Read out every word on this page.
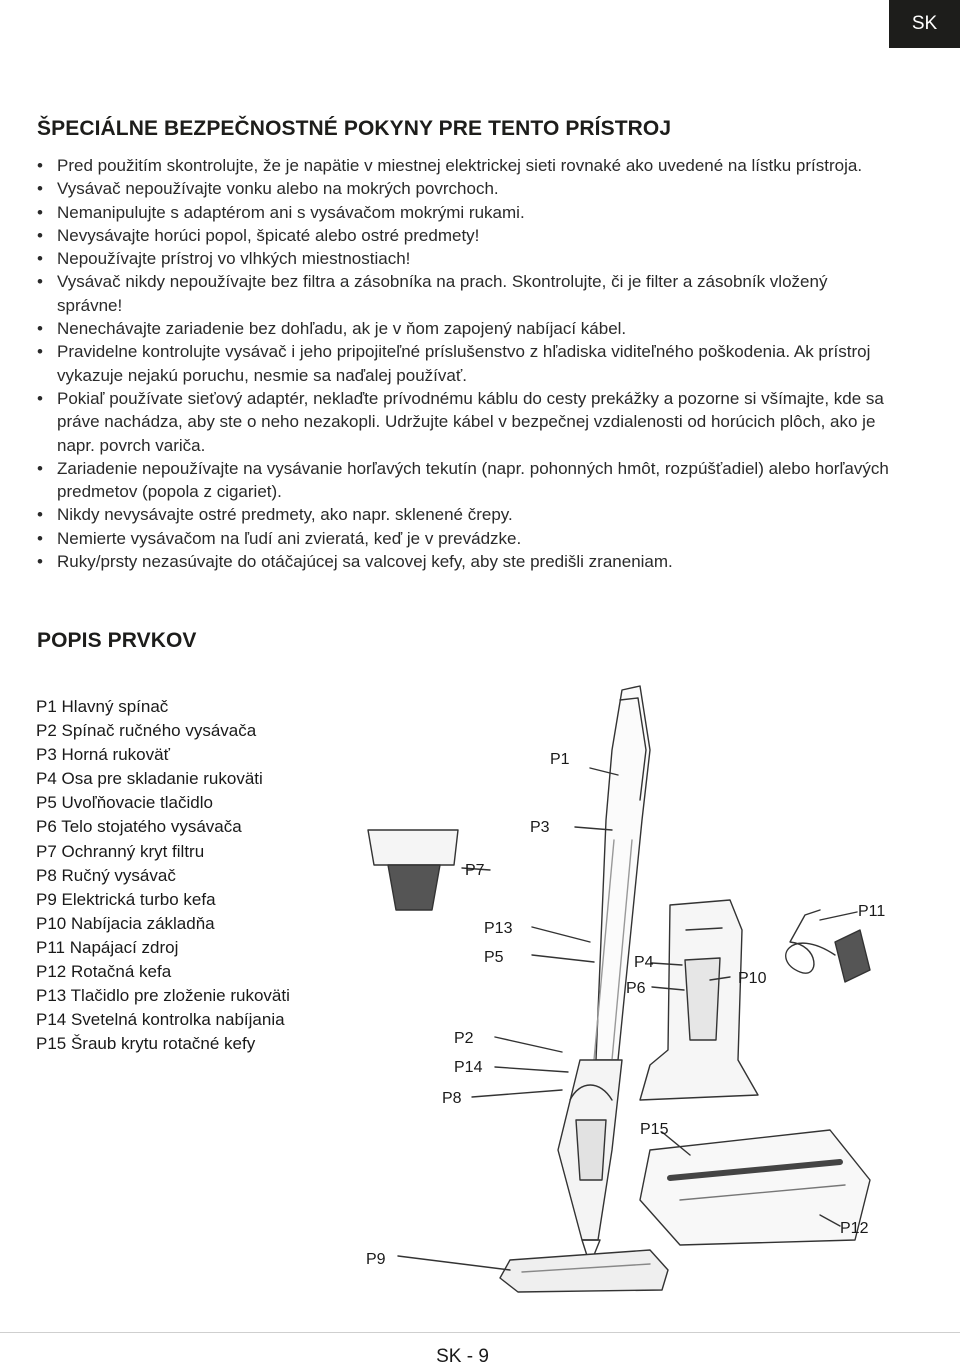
SK
ŠPECIÁLNE BEZPEČNOSTNÉ POKYNY PRE TENTO PRÍSTROJ
• Pred použitím skontrolujte, že je napätie v miestnej elektrickej sieti rovnaké ako uvedené na lístku prístroja.
• Vysávač nepoužívajte vonku alebo na mokrých povrchoch.
• Nemanipulujte s adaptérom ani s vysávačom mokrými rukami.
• Nevysávajte horúci popol, špicaté alebo ostré predmety!
• Nepoužívajte prístroj vo vlhkých miestnostiach!
• Vysávač nikdy nepoužívajte bez filtra a zásobníka na prach. Skontrolujte, či je filter a zásobník vložený správne!
• Nenechávajte zariadenie bez dohľadu, ak je v ňom zapojený nabíjací kábel.
• Pravidelne kontrolujte vysávač i jeho pripojiteľné príslušenstvo z hľadiska viditeľného poškodenia. Ak prístroj vykazuje nejakú poruchu, nesmie sa naďalej používať.
• Pokiaľ používate sieťový adaptér, neklaďte prívodnému káblu do cesty prekážky a pozorne si všímajte, kde sa práve nachádza, aby ste o neho nezakopli. Udržujte kábel v bezpečnej vzdialenosti od horúcich plôch, ako je napr. povrch variča.
• Zariadenie nepoužívajte na vysávanie horľavých tekutín (napr. pohonných hmôt, rozpúšťadiel) alebo horľavých predmetov (popola z cigariet).
• Nikdy nevysávajte ostré predmety, ako napr. sklenené črepy.
• Nemierte vysávačom na ľudí ani zvieratá, keď je v prevádzke.
• Ruky/prsty nezasúvajte do otáčajúcej sa valcovej kefy, aby ste predišli zraneniam.
POPIS PRVKOV
P1 Hlavný spínač
P2 Spínač ručného vysávača
P3 Horná rukoväť
P4 Osa pre skladanie rukoväti
P5 Uvoľňovacie tlačidlo
P6 Telo stojatého vysávača
P7 Ochranný kryt filtru
P8 Ručný vysávač
P9 Elektrická turbo kefa
P10 Nabíjacia základňa
P11 Napájací zdroj
P12 Rotačná kefa
P13 Tlačidlo pre zloženie rukoväti
P14 Svetelná kontrolka nabíjania
P15 Šraub krytu rotačné kefy
P1
P3
P7
P11
P13
P5	P4
P10
P6
P2
P14
P8
P15
P12
P9
SK - 9
